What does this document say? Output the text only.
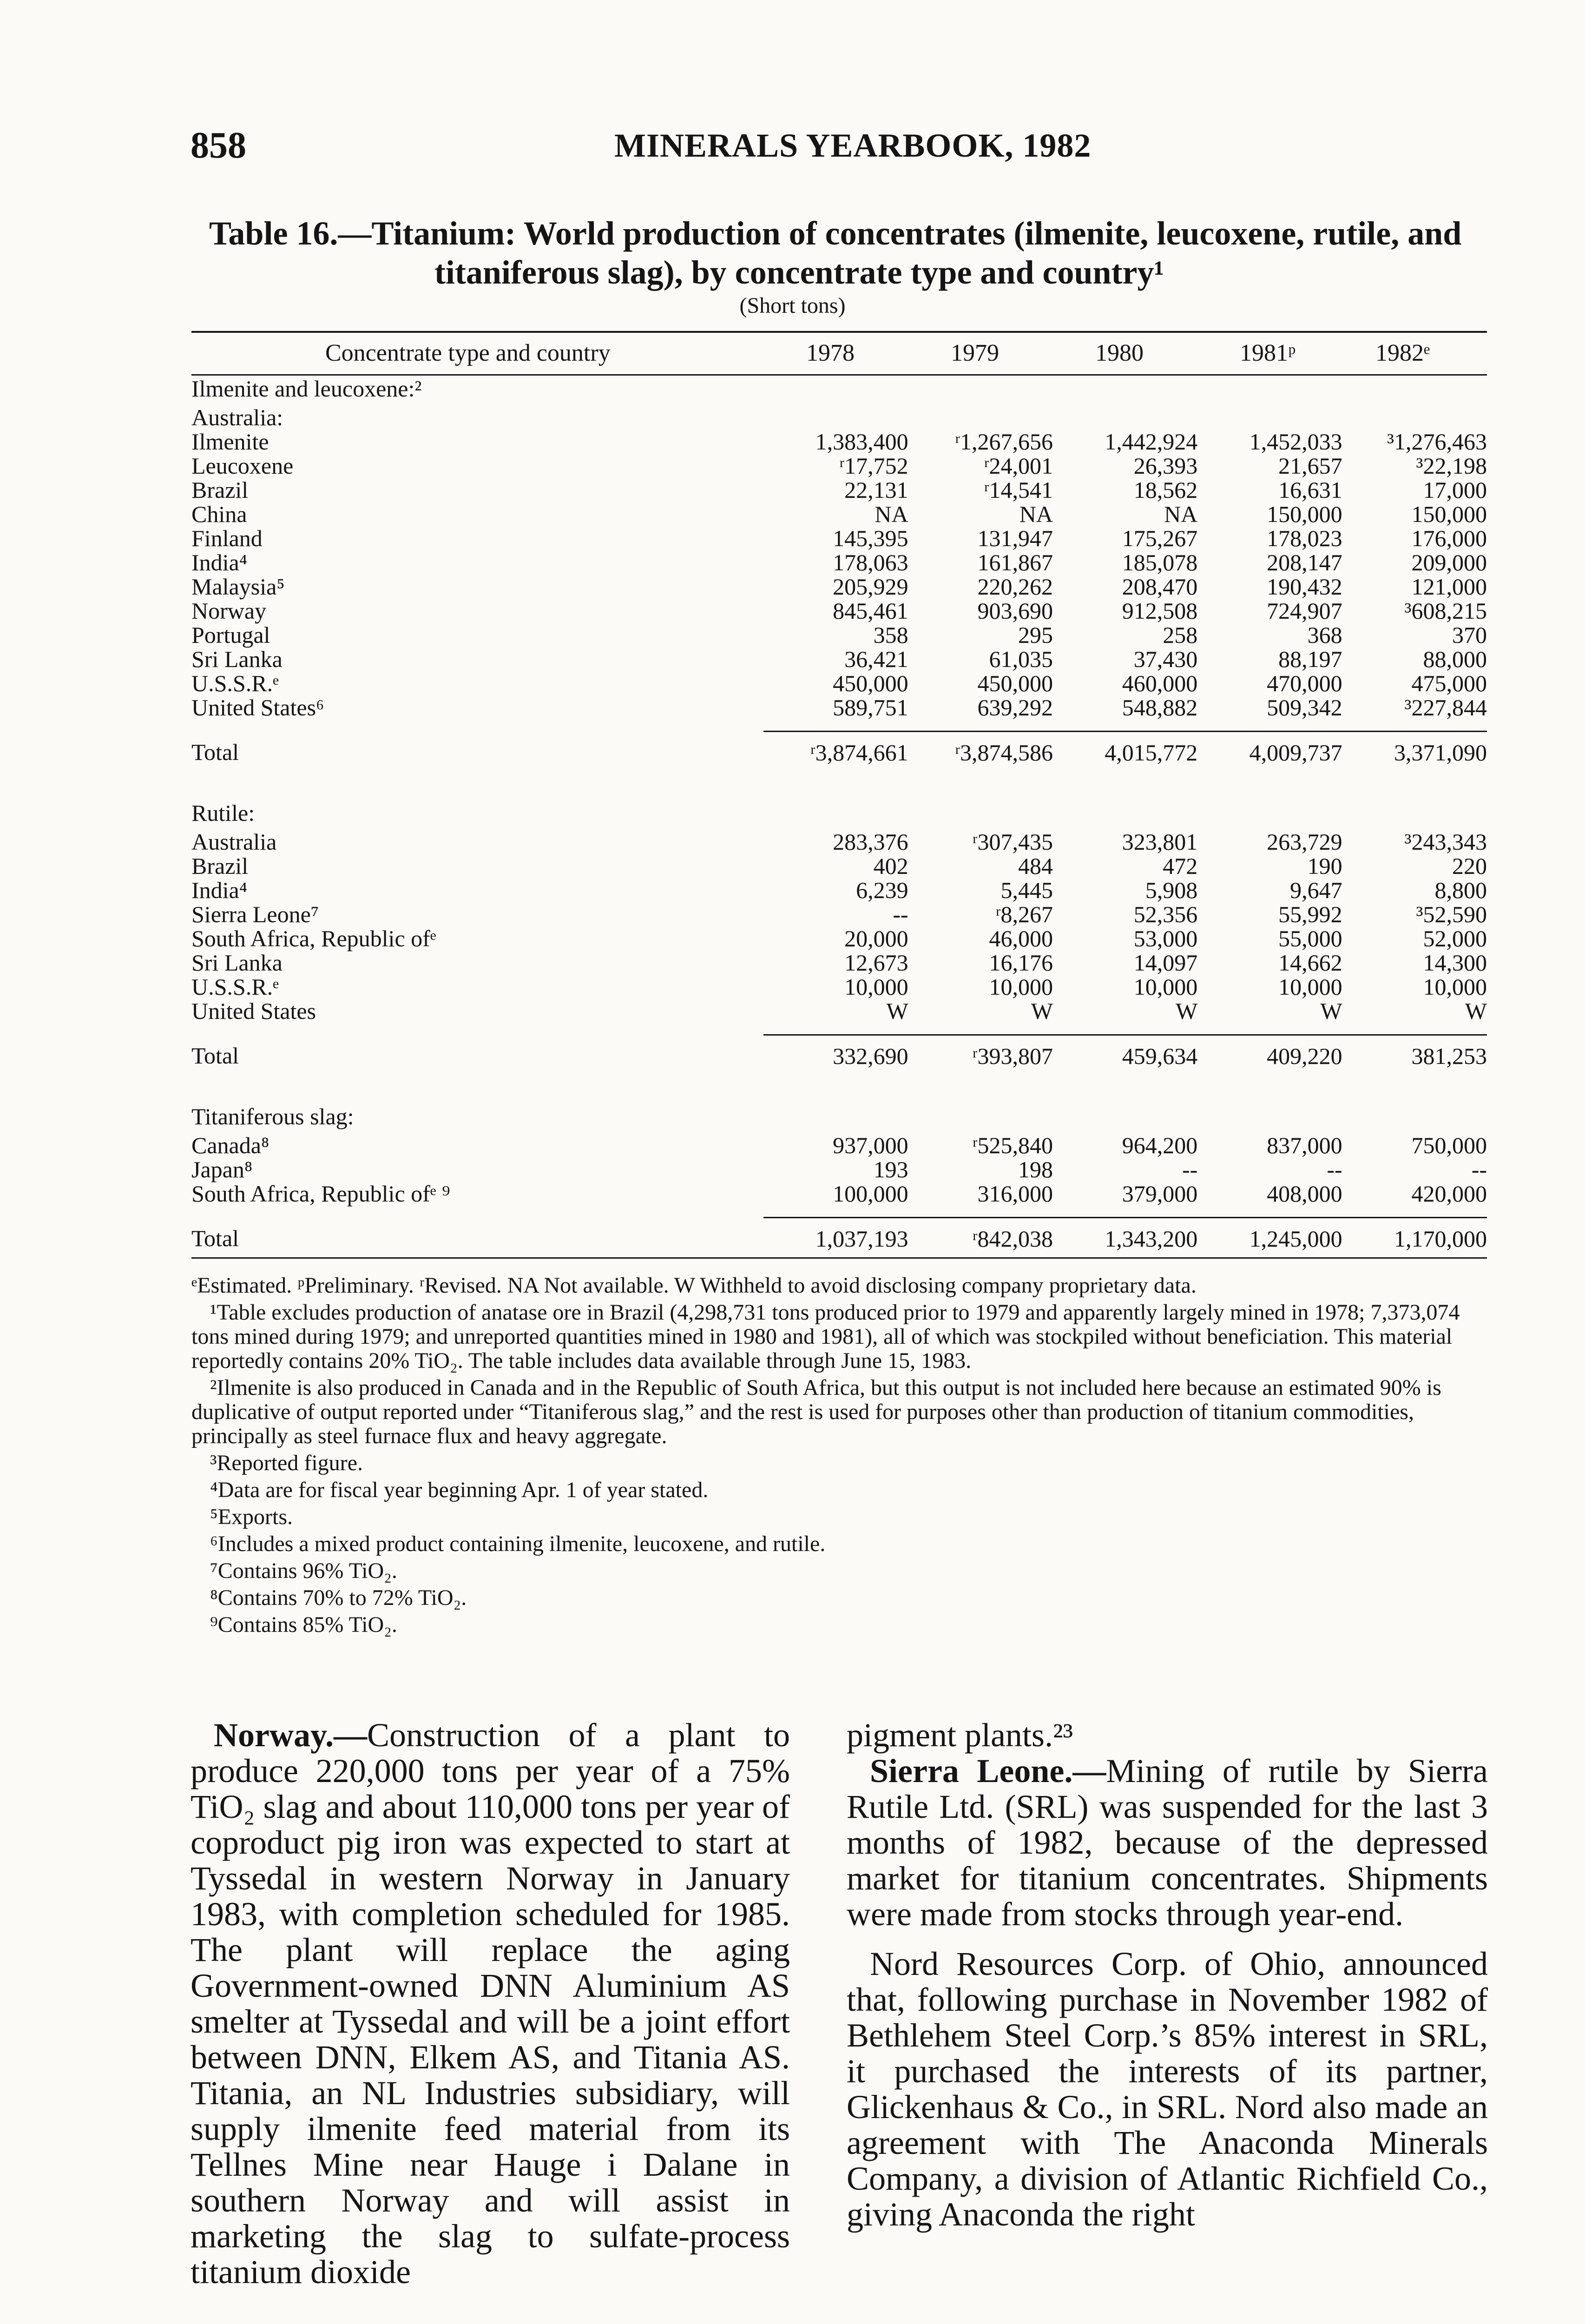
858	MINERALS YEARBOOK, 1982
Table 16.—Titanium: World production of concentrates (ilmenite, leucoxene, rutile, and
titaniferous slag), by concentrate type and country¹
(Short tons)
Concentrate type and country	1978	1979	1980	1981ᵖ	1982ᵉ
Ilmenite and leucoxene:²					
Australia:					
Ilmenite	1,383,400	ʳ1,267,656	1,442,924	1,452,033	³1,276,463
Leucoxene	ʳ17,752	ʳ24,001	26,393	21,657	³22,198
Brazil	22,131	ʳ14,541	18,562	16,631	17,000
China	NA	NA	NA	150,000	150,000
Finland	145,395	131,947	175,267	178,023	176,000
India⁴	178,063	161,867	185,078	208,147	209,000
Malaysia⁵	205,929	220,262	208,470	190,432	121,000
Norway	845,461	903,690	912,508	724,907	³608,215
Portugal	358	295	258	368	370
Sri Lanka	36,421	61,035	37,430	88,197	88,000
U.S.S.R.ᵉ	450,000	450,000	460,000	470,000	475,000
United States⁶	589,751	639,292	548,882	509,342	³227,844

Total	ʳ3,874,661	ʳ3,874,586	4,015,772	4,009,737	3,371,090

Rutile:					
Australia	283,376	ʳ307,435	323,801	263,729	³243,343
Brazil	402	484	472	190	220
India⁴	6,239	5,445	5,908	9,647	8,800
Sierra Leone⁷	--	ʳ8,267	52,356	55,992	³52,590
South Africa, Republic ofᵉ	20,000	46,000	53,000	55,000	52,000
Sri Lanka	12,673	16,176	14,097	14,662	14,300
U.S.S.R.ᵉ	10,000	10,000	10,000	10,000	10,000
United States	W	W	W	W	W

Total	332,690	ʳ393,807	459,634	409,220	381,253

Titaniferous slag:					
Canada⁸	937,000	ʳ525,840	964,200	837,000	750,000
Japan⁸	193	198	--	--	--
South Africa, Republic ofᵉ ⁹	100,000	316,000	379,000	408,000	420,000

Total	1,037,193	ʳ842,038	1,343,200	1,245,000	1,170,000

ᵉEstimated. ᵖPreliminary. ʳRevised. NA Not available. W Withheld to avoid disclosing company proprietary data.

¹Table excludes production of anatase ore in Brazil (4,298,731 tons produced prior to 1979 and apparently largely mined in 1978; 7,373,074 tons mined during 1979; and unreported quantities mined in 1980 and 1981), all of which was stockpiled without beneficiation. This material reportedly contains 20% TiO₂. The table includes data available through June 15, 1983.

²Ilmenite is also produced in Canada and in the Republic of South Africa, but this output is not included here because an estimated 90% is duplicative of output reported under “Titaniferous slag,” and the rest is used for purposes other than production of titanium commodities, principally as steel furnace flux and heavy aggregate.

³Reported figure.

⁴Data are for fiscal year beginning Apr. 1 of year stated.

⁵Exports.

⁶Includes a mixed product containing ilmenite, leucoxene, and rutile.

⁷Contains 96% TiO₂.

⁸Contains 70% to 72% TiO₂.

⁹Contains 85% TiO₂.

Norway.—Construction of a plant to produce 220,000 tons per year of a 75% TiO₂ slag and about 110,000 tons per year of coproduct pig iron was expected to start at Tyssedal in western Norway in January 1983, with completion scheduled for 1985. The plant will replace the aging Government-owned DNN Aluminium AS smelter at Tyssedal and will be a joint effort between DNN, Elkem AS, and Titania AS. Titania, an NL Industries subsidiary, will supply ilmenite feed material from its Tellnes Mine near Hauge i Dalane in southern Norway and will assist in marketing the slag to sulfate-process titanium dioxide

pigment plants.²³

Sierra Leone.—Mining of rutile by Sierra Rutile Ltd. (SRL) was suspended for the last 3 months of 1982, because of the depressed market for titanium concentrates. Shipments were made from stocks through year-end.

Nord Resources Corp. of Ohio, announced that, following purchase in November 1982 of Bethlehem Steel Corp.’s 85% interest in SRL, it purchased the interests of its partner, Glickenhaus & Co., in SRL. Nord also made an agreement with The Anaconda Minerals Company, a division of Atlantic Richfield Co., giving Anaconda the right
